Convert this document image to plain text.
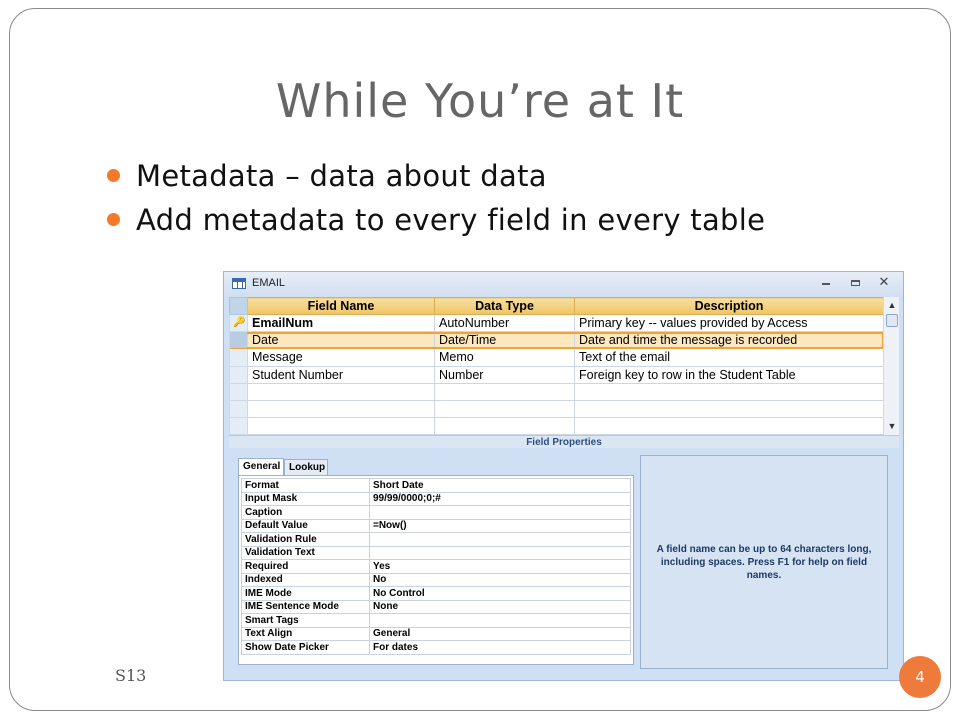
While You’re at It
Metadata – data about data
Add metadata to every field in every table
EMAIL	✕
	Field Name	Data Type	Description

🔑	EmailNum	AutoNumber	Primary key -- values provided by Access
	Date	Date/Time	Date and time the message is recorded
	Message	Memo	Text of the email
	Student Number	Number	Foreign key to row in the Student Table

▲
▼
Field Properties
Lookup
General
Format	Short Date
Input Mask	99/99/0000;0;#
Caption	
Default Value	=Now()
Validation Rule	
Validation Text	
Required	Yes
Indexed	No
IME Mode	No Control
IME Sentence Mode	None
Smart Tags	
Text Align	General
Show Date Picker	For dates
A field name can be up to 64 characters long, including spaces. Press F1 for help on field names.
S13	4
